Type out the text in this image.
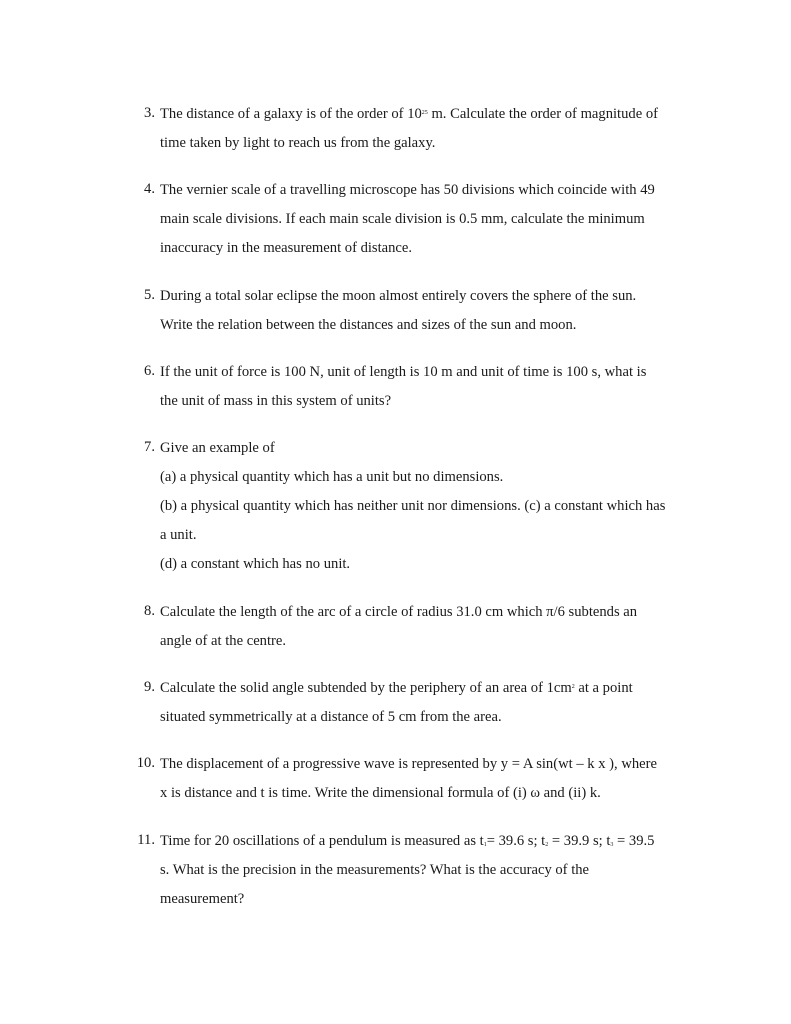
3. The distance of a galaxy is of the order of $10^{25}$ m. Calculate the order of magnitude of
time taken by light to reach us from the galaxy.
4. The vernier scale of a travelling microscope has 50 divisions which coincide with 49
main scale divisions. If each main scale division is 0.5 mm, calculate the minimum
inaccuracy in the measurement of distance.
5. During a total solar eclipse the moon almost entirely covers the sphere of the sun.
Write the relation between the distances and sizes of the sun and moon.
6. If the unit of force is 100 N, unit of length is 10 m and unit of time is 100 s, what is
the unit of mass in this system of units?
7. Give an example of
(a) a physical quantity which has a unit but no dimensions.
(b) a physical quantity which has neither unit nor dimensions. (c) a constant which has
a unit.
(d) a constant which has no unit.
8. Calculate the length of the arc of a circle of radius 31.0 cm which π/6 subtends an
angle of at the centre.
9. Calculate the solid angle subtended by the periphery of an area of $1cm^2$ at a point
situated symmetrically at a distance of 5 cm from the area.
10. The displacement of a progressive wave is represented by y = A sin(wt – k x ), where
x is distance and t is time. Write the dimensional formula of (i) ω and (ii) k.
11. Time for 20 oscillations of a pendulum is measured as $t_1= 39.6$ s; $t_2 = 39.9$ s; $t_3 = 39.5$
s. What is the precision in the measurements? What is the accuracy of the
measurement?
